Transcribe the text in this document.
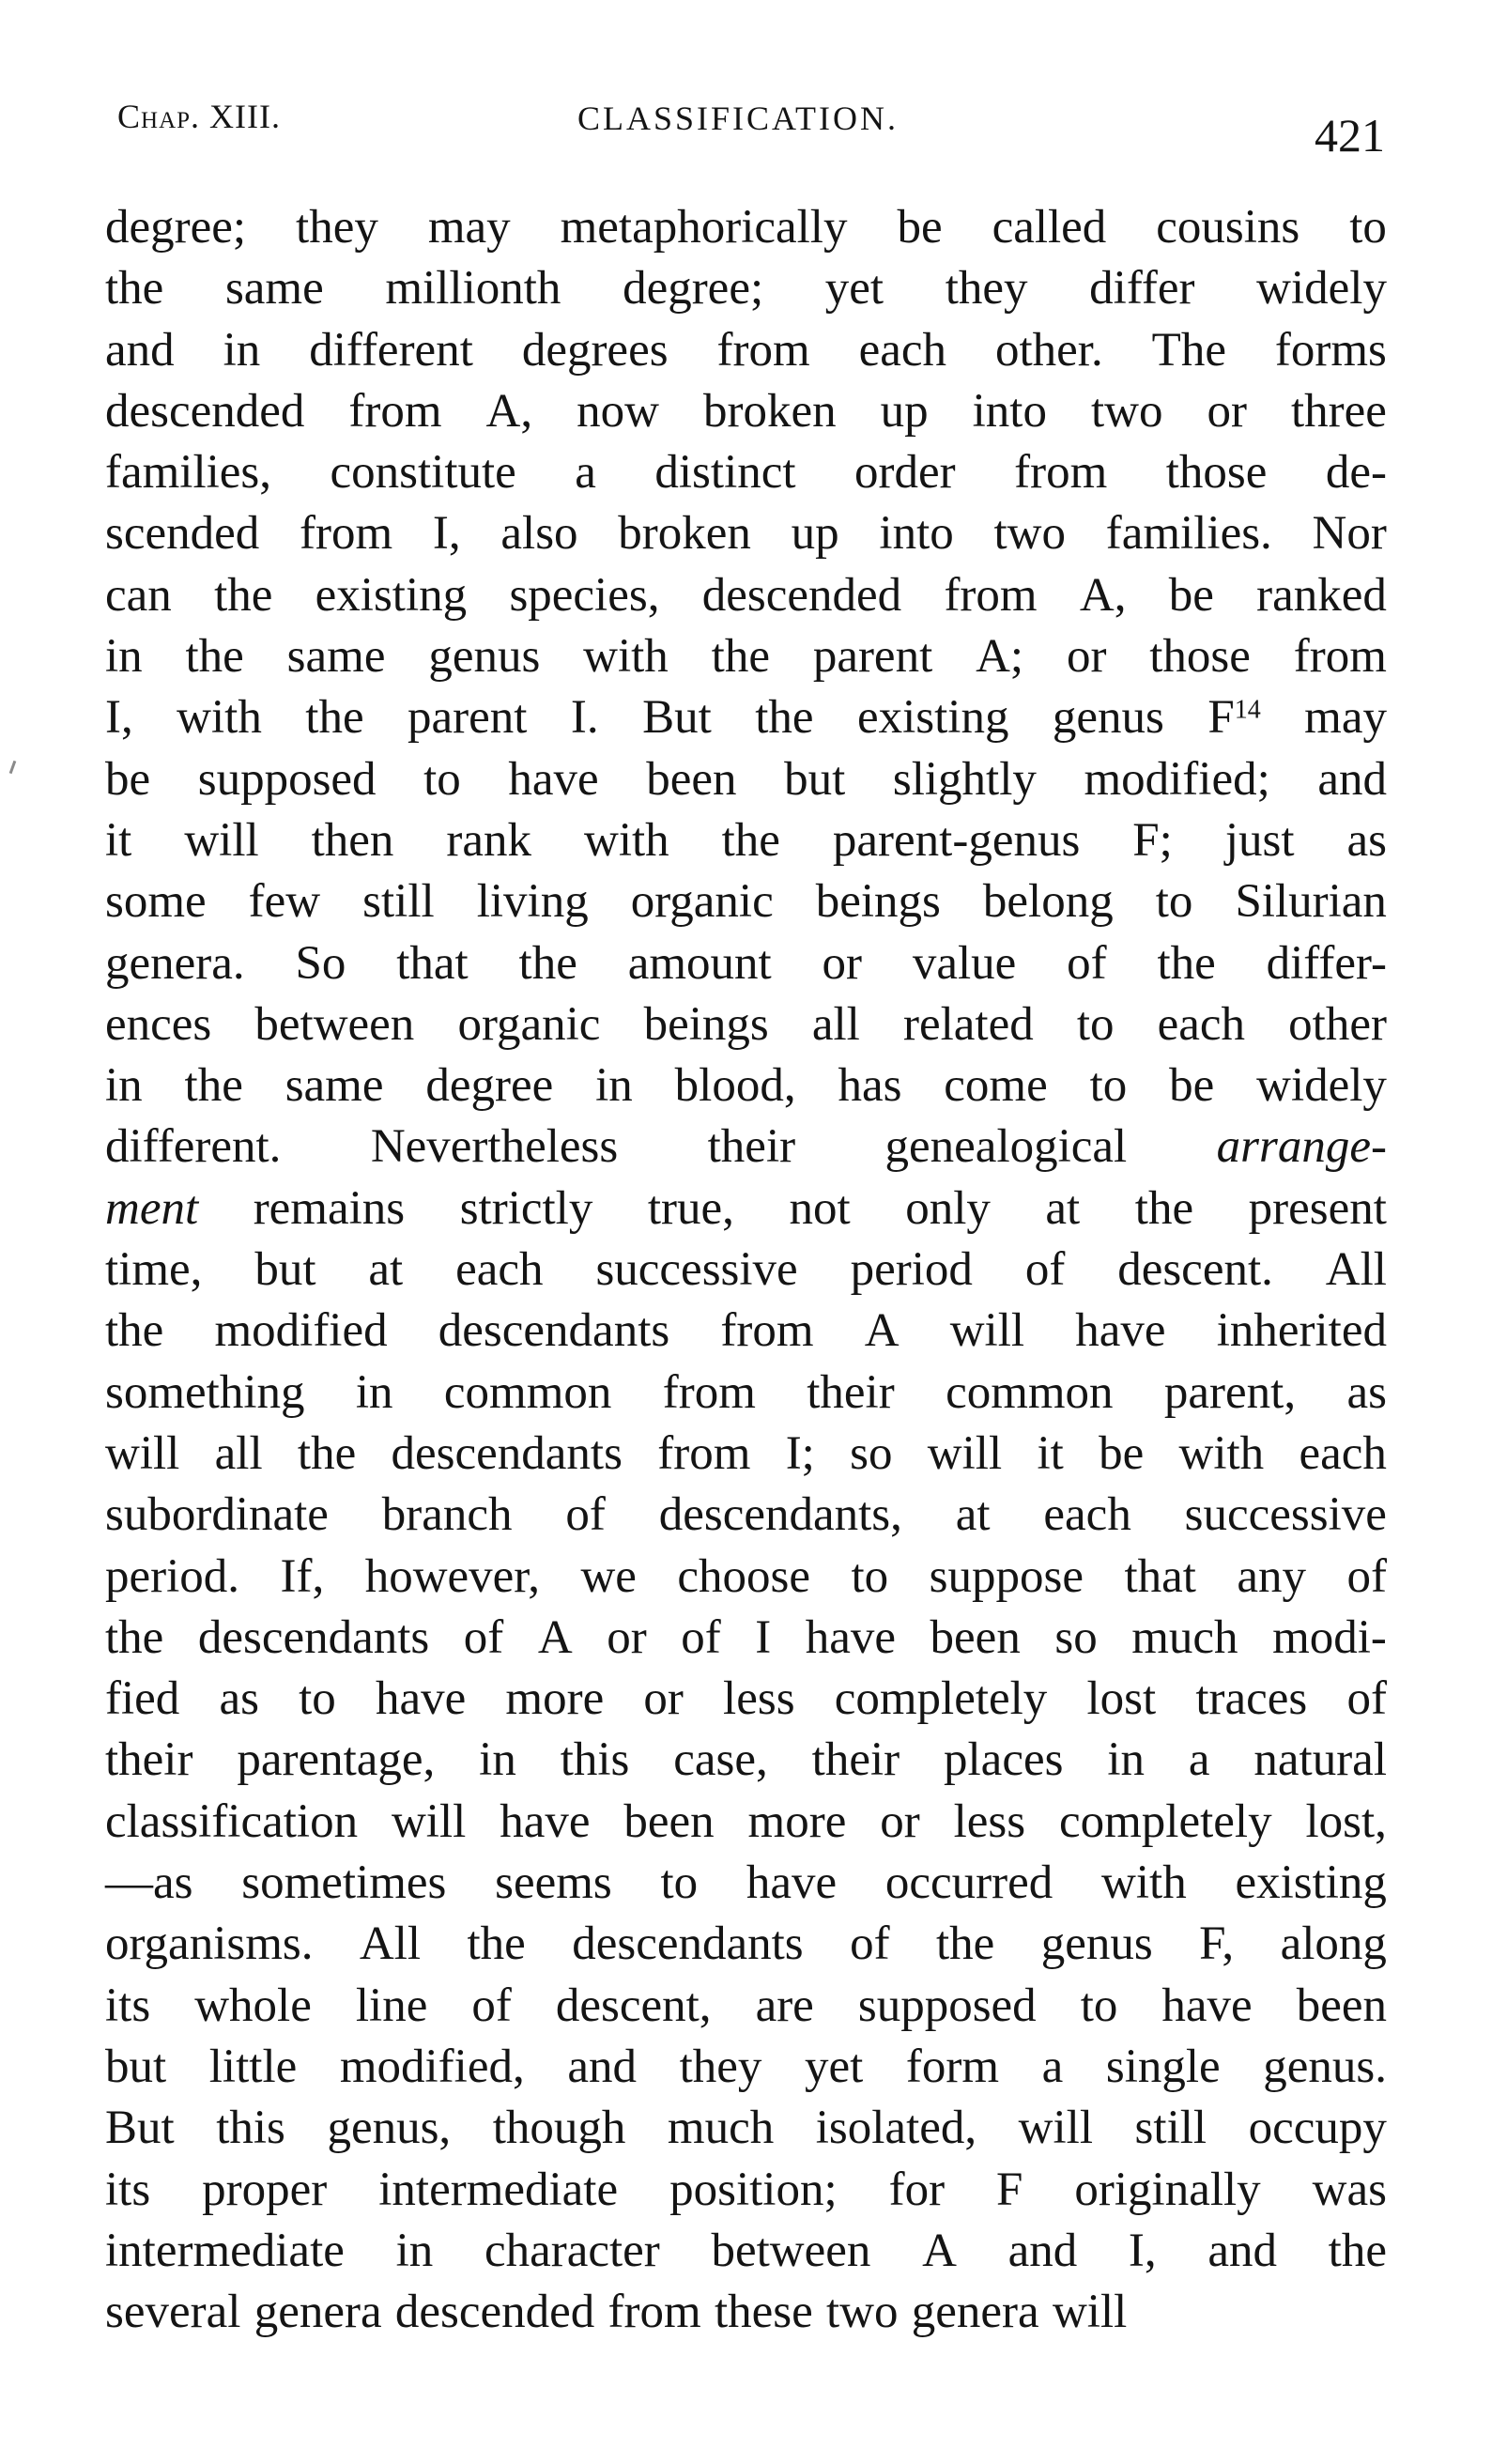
Chap. XIII.	CLASSIFICATION.	421
degree; they may metaphorically be called cousins to
the same millionth degree; yet they differ widely
and in different degrees from each other. The forms
descended from A, now broken up into two or three
families, constitute a distinct order from those de-
scended from I, also broken up into two families. Nor
can the existing species, descended from A, be ranked
in the same genus with the parent A; or those from
I, with the parent I. But the existing genus $F^{14}$ may
be supposed to have been but slightly modified; and
it will then rank with the parent-genus F; just as
some few still living organic beings belong to Silurian
genera. So that the amount or value of the differ-
ences between organic beings all related to each other
in the same degree in blood, has come to be widely
different. Nevertheless their genealogical arrange-
ment remains strictly true, not only at the present
time, but at each successive period of descent. All
the modified descendants from A will have inherited
something in common from their common parent, as
will all the descendants from I; so will it be with each
subordinate branch of descendants, at each successive
period. If, however, we choose to suppose that any of
the descendants of A or of I have been so much modi-
fied as to have more or less completely lost traces of
their parentage, in this case, their places in a natural
classification will have been more or less completely lost,
—as sometimes seems to have occurred with existing
organisms. All the descendants of the genus F, along
its whole line of descent, are supposed to have been
but little modified, and they yet form a single genus.
But this genus, though much isolated, will still occupy
its proper intermediate position; for F originally was
intermediate in character between A and I, and the
several genera descended from these two genera will
